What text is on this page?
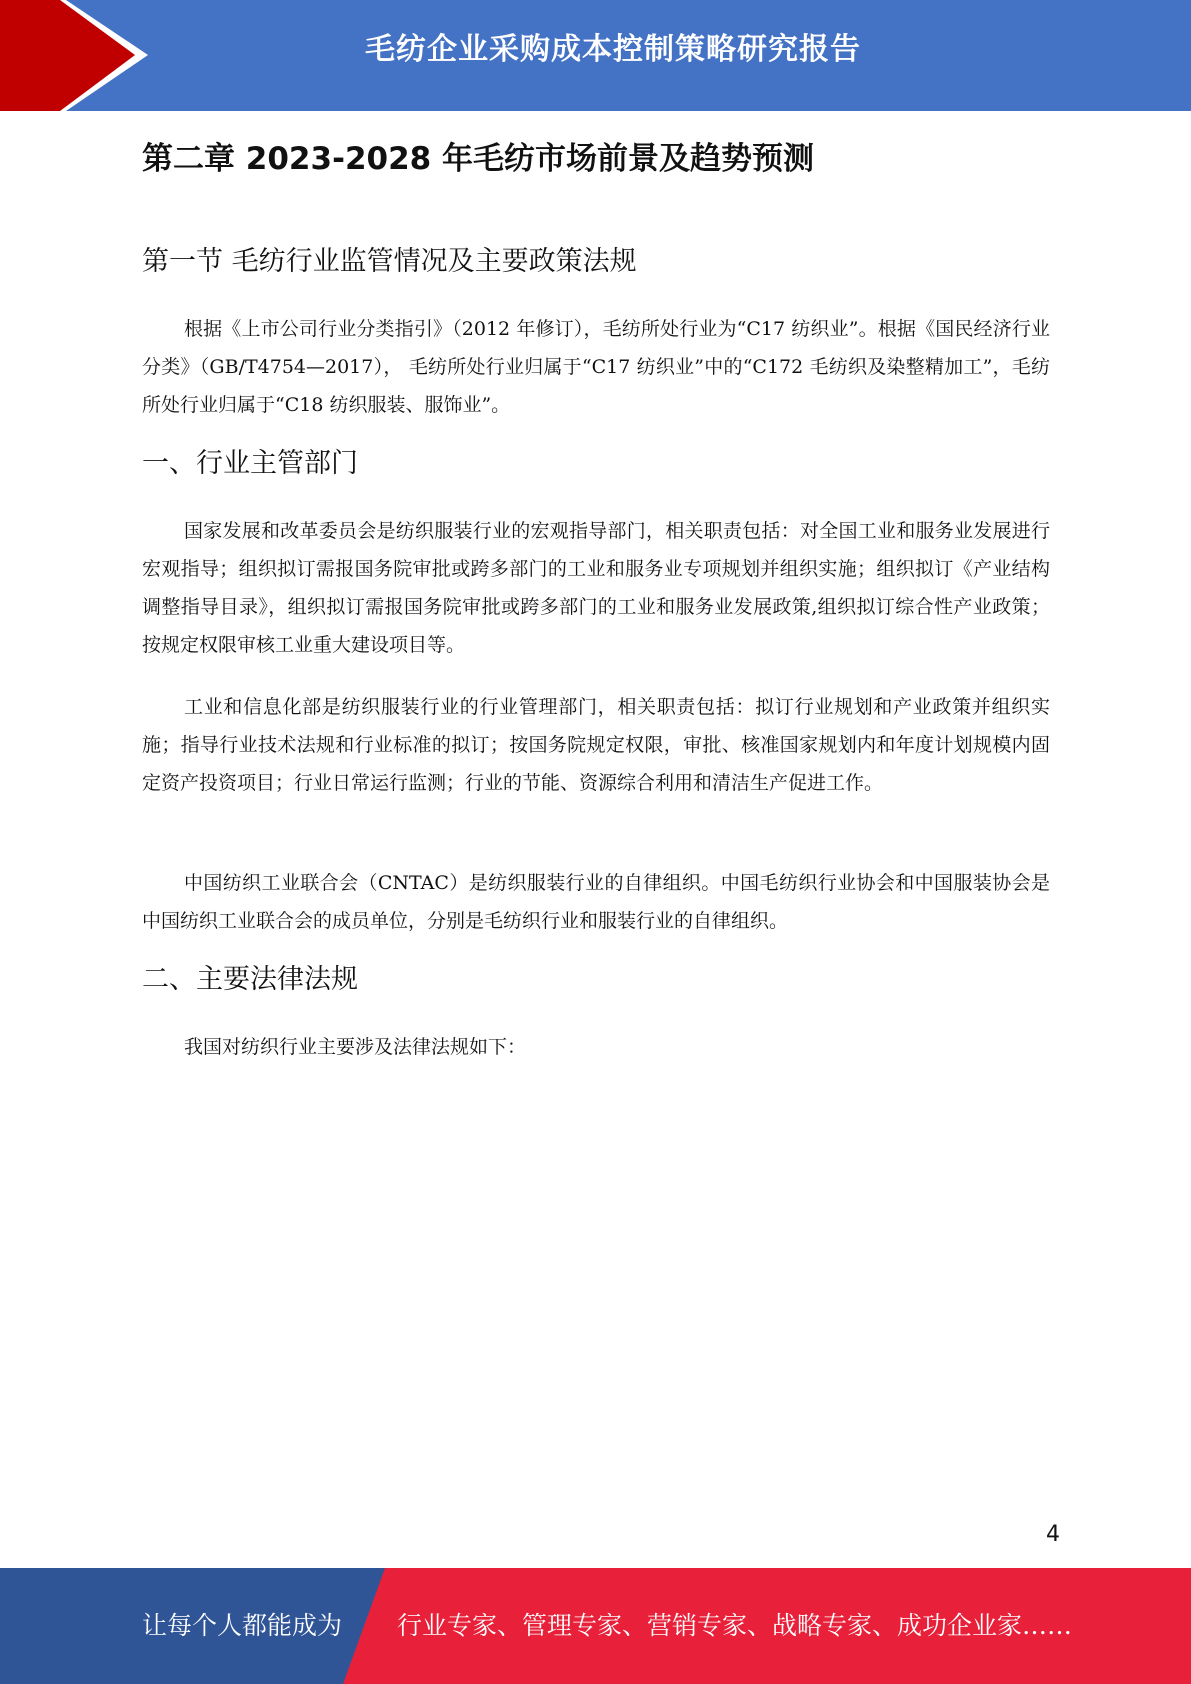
毛纺企业采购成本控制策略研究报告
第二章 2023-2028 年毛纺市场前景及趋势预测
第一节 毛纺行业监管情况及主要政策法规
根据《上市公司行业分类指引》（2012 年修订），毛纺所处行业为“C17 纺织业”。根据《国民经济行业分类》（GB/T4754—2017）， 毛纺所处行业归属于“C17 纺织业”中的“C172 毛纺织及染整精加工”，毛纺所处行业归属于“C18 纺织服装、服饰业”。
一、行业主管部门
国家发展和改革委员会是纺织服装行业的宏观指导部门，相关职责包括：对全国工业和服务业发展进行宏观指导；组织拟订需报国务院审批或跨多部门的工业和服务业专项规划并组织实施；组织拟订《产业结构调整指导目录》，组织拟订需报国务院审批或跨多部门的工业和服务业发展政策,组织拟订综合性产业政策；按规定权限审核工业重大建设项目等。
工业和信息化部是纺织服装行业的行业管理部门，相关职责包括：拟订行业规划和产业政策并组织实施；指导行业技术法规和行业标准的拟订；按国务院规定权限，审批、核准国家规划内和年度计划规模内固定资产投资项目；行业日常运行监测；行业的节能、资源综合利用和清洁生产促进工作。
中国纺织工业联合会（CNTAC）是纺织服装行业的自律组织。中国毛纺织行业协会和中国服装协会是中国纺织工业联合会的成员单位，分别是毛纺织行业和服装行业的自律组织。
二、主要法律法规
我国对纺织行业主要涉及法律法规如下：
4
让每个人都能成为 行业专家、管理专家、营销专家、战略专家、成功企业家……
